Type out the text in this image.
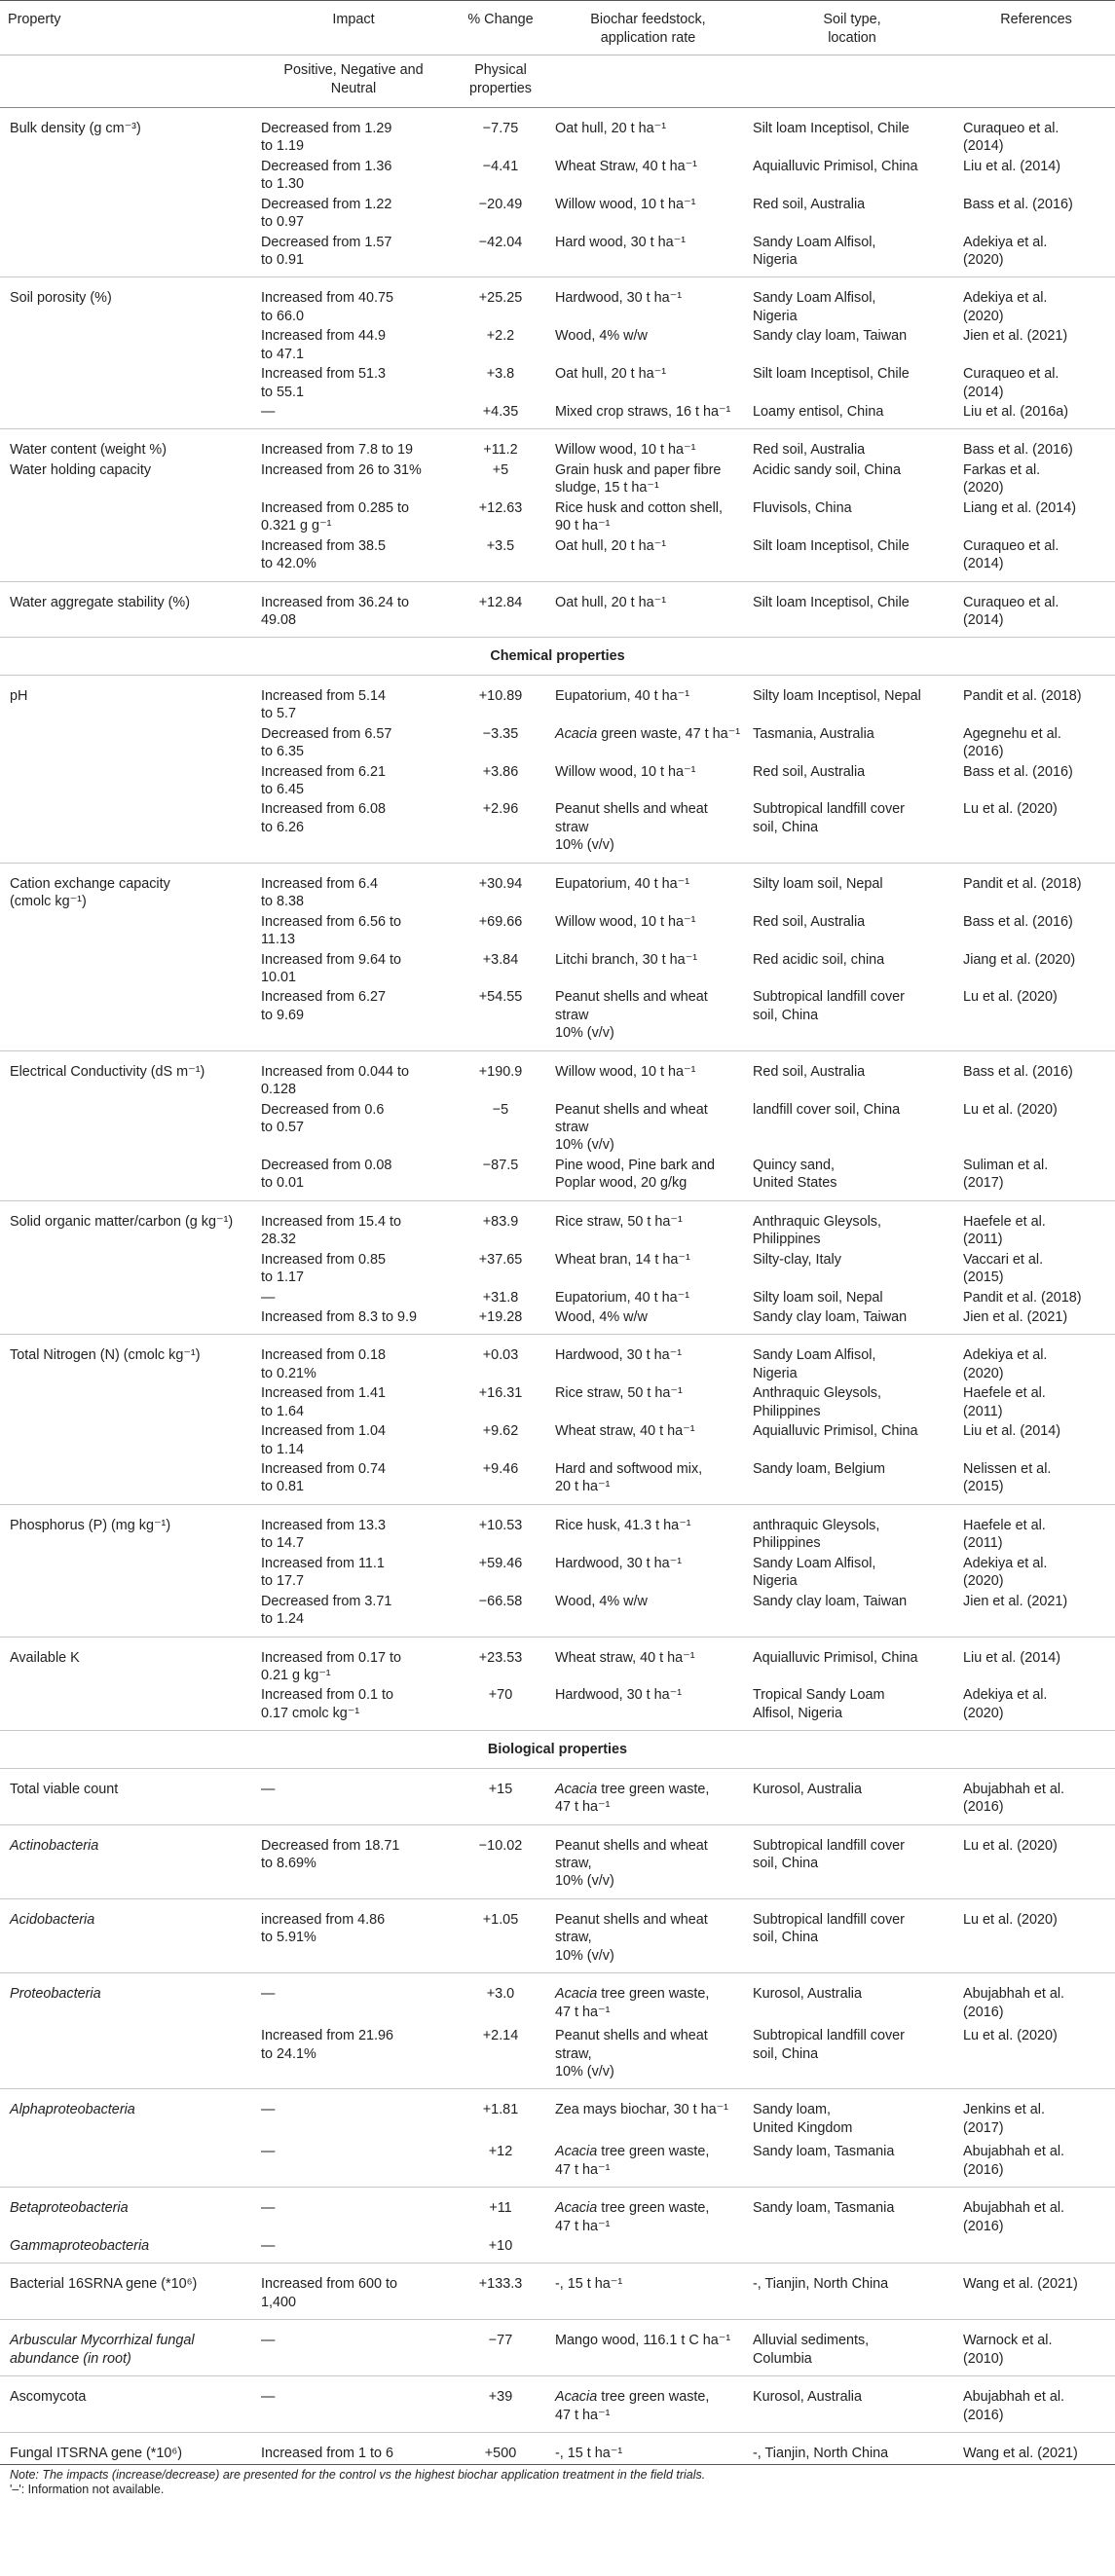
Property	Impact	% Change	Biochar feedstock,
application rate	Soil type,
location	References
	Positive, Negative and
Neutral	Physical
properties			
Bulk density (g cm⁻³)	Decreased from 1.29
to 1.19	−7.75	Oat hull, 20 t ha⁻¹	Silt loam Inceptisol, Chile	Curaqueo et al.
(2014)
	Decreased from 1.36
to 1.30	−4.41	Wheat Straw, 40 t ha⁻¹	Aquialluvic Primisol, China	Liu et al. (2014)
	Decreased from 1.22
to 0.97	−20.49	Willow wood, 10 t ha⁻¹	Red soil, Australia	Bass et al. (2016)
	Decreased from 1.57
to 0.91	−42.04	Hard wood, 30 t ha⁻¹	Sandy Loam Alfisol,
Nigeria	Adekiya et al.
(2020)
Soil porosity (%)	Increased from 40.75
to 66.0	+25.25	Hardwood, 30 t ha⁻¹	Sandy Loam Alfisol,
Nigeria	Adekiya et al.
(2020)
	Increased from 44.9
to 47.1	+2.2	Wood, 4% w/w	Sandy clay loam, Taiwan	Jien et al. (2021)
	Increased from 51.3
to 55.1	+3.8	Oat hull, 20 t ha⁻¹	Silt loam Inceptisol, Chile	Curaqueo et al.
(2014)
	—	+4.35	Mixed crop straws, 16 t ha⁻¹	Loamy entisol, China	Liu et al. (2016a)
Water content (weight %)	Increased from 7.8 to 19	+11.2	Willow wood, 10 t ha⁻¹	Red soil, Australia	Bass et al. (2016)
Water holding capacity	Increased from 26 to 31%	+5	Grain husk and paper fibre
sludge, 15 t ha⁻¹	Acidic sandy soil, China	Farkas et al.
(2020)
	Increased from 0.285 to
0.321 g g⁻¹	+12.63	Rice husk and cotton shell,
90 t ha⁻¹	Fluvisols, China	Liang et al. (2014)
	Increased from 38.5
to 42.0%	+3.5	Oat hull, 20 t ha⁻¹	Silt loam Inceptisol, Chile	Curaqueo et al.
(2014)
Water aggregate stability (%)	Increased from 36.24 to
49.08	+12.84	Oat hull, 20 t ha⁻¹	Silt loam Inceptisol, Chile	Curaqueo et al.
(2014)
Chemical properties					
pH	Increased from 5.14
to 5.7	+10.89	Eupatorium, 40 t ha⁻¹	Silty loam Inceptisol, Nepal	Pandit et al. (2018)
	Decreased from 6.57
to 6.35	−3.35	Acacia green waste, 47 t ha⁻¹	Tasmania, Australia	Agegnehu et al.
(2016)
	Increased from 6.21
to 6.45	+3.86	Willow wood, 10 t ha⁻¹	Red soil, Australia	Bass et al. (2016)
	Increased from 6.08
to 6.26	+2.96	Peanut shells and wheat straw
10% (v/v)	Subtropical landfill cover
soil, China	Lu et al. (2020)
Cation exchange capacity
(cmolc kg⁻¹)	Increased from 6.4
to 8.38	+30.94	Eupatorium, 40 t ha⁻¹	Silty loam soil, Nepal	Pandit et al. (2018)
	Increased from 6.56 to
11.13	+69.66	Willow wood, 10 t ha⁻¹	Red soil, Australia	Bass et al. (2016)
	Increased from 9.64 to
10.01	+3.84	Litchi branch, 30 t ha⁻¹	Red acidic soil, china	Jiang et al. (2020)
	Increased from 6.27
to 9.69	+54.55	Peanut shells and wheat straw
10% (v/v)	Subtropical landfill cover
soil, China	Lu et al. (2020)
Electrical Conductivity (dS m⁻¹)	Increased from 0.044 to
0.128	+190.9	Willow wood, 10 t ha⁻¹	Red soil, Australia	Bass et al. (2016)
	Decreased from 0.6
to 0.57	−5	Peanut shells and wheat straw
10% (v/v)	landfill cover soil, China	Lu et al. (2020)
	Decreased from 0.08
to 0.01	−87.5	Pine wood, Pine bark and
Poplar wood, 20 g/kg	Quincy sand,
United States	Suliman et al.
(2017)
Solid organic matter/carbon (g kg⁻¹)	Increased from 15.4 to
28.32	+83.9	Rice straw, 50 t ha⁻¹	Anthraquic Gleysols,
Philippines	Haefele et al.
(2011)
	Increased from 0.85
to 1.17	+37.65	Wheat bran, 14 t ha⁻¹	Silty-clay, Italy	Vaccari et al.
(2015)
	—	+31.8	Eupatorium, 40 t ha⁻¹	Silty loam soil, Nepal	Pandit et al. (2018)
	Increased from 8.3 to 9.9	+19.28	Wood, 4% w/w	Sandy clay loam, Taiwan	Jien et al. (2021)
Total Nitrogen (N) (cmolc kg⁻¹)	Increased from 0.18
to 0.21%	+0.03	Hardwood, 30 t ha⁻¹	Sandy Loam Alfisol,
Nigeria	Adekiya et al.
(2020)
	Increased from 1.41
to 1.64	+16.31	Rice straw, 50 t ha⁻¹	Anthraquic Gleysols,
Philippines	Haefele et al.
(2011)
	Increased from 1.04
to 1.14	+9.62	Wheat straw, 40 t ha⁻¹	Aquialluvic Primisol, China	Liu et al. (2014)
	Increased from 0.74
to 0.81	+9.46	Hard and softwood mix,
20 t ha⁻¹	Sandy loam, Belgium	Nelissen et al.
(2015)
Phosphorus (P) (mg kg⁻¹)	Increased from 13.3
to 14.7	+10.53	Rice husk, 41.3 t ha⁻¹	anthraquic Gleysols,
Philippines	Haefele et al.
(2011)
	Increased from 11.1
to 17.7	+59.46	Hardwood, 30 t ha⁻¹	Sandy Loam Alfisol,
Nigeria	Adekiya et al.
(2020)
	Decreased from 3.71
to 1.24	−66.58	Wood, 4% w/w	Sandy clay loam, Taiwan	Jien et al. (2021)
Available K	Increased from 0.17 to
0.21 g kg⁻¹	+23.53	Wheat straw, 40 t ha⁻¹	Aquialluvic Primisol, China	Liu et al. (2014)
	Increased from 0.1 to
0.17 cmolc kg⁻¹	+70	Hardwood, 30 t ha⁻¹	Tropical Sandy Loam
Alfisol, Nigeria	Adekiya et al.
(2020)
Biological properties					
Total viable count	—	+15	Acacia tree green waste,
47 t ha⁻¹	Kurosol, Australia	Abujabhah et al.
(2016)
Actinobacteria	Decreased from 18.71
to 8.69%	−10.02	Peanut shells and wheat straw,
10% (v/v)	Subtropical landfill cover
soil, China	Lu et al. (2020)
Acidobacteria	increased from 4.86
to 5.91%	+1.05	Peanut shells and wheat straw,
10% (v/v)	Subtropical landfill cover
soil, China	Lu et al. (2020)
Proteobacteria	—	+3.0	Acacia tree green waste,
47 t ha⁻¹	Kurosol, Australia	Abujabhah et al.
(2016)
	Increased from 21.96
to 24.1%	+2.14	Peanut shells and wheat straw,
10% (v/v)	Subtropical landfill cover
soil, China	Lu et al. (2020)
Alphaproteobacteria	—	+1.81	Zea mays biochar, 30 t ha⁻¹	Sandy loam,
United Kingdom	Jenkins et al.
(2017)
	—	+12	Acacia tree green waste,
47 t ha⁻¹	Sandy loam, Tasmania	Abujabhah et al.
(2016)
Betaproteobacteria	—	+11	Acacia tree green waste,
47 t ha⁻¹	Sandy loam, Tasmania	Abujabhah et al.
(2016)
Gammaproteobacteria	—	+10			
Bacterial 16SRNA gene (*10⁶)	Increased from 600 to
1,400	+133.3	-, 15 t ha⁻¹	-, Tianjin, North China	Wang et al. (2021)
Arbuscular Mycorrhizal fungal
abundance (in root)	—	−77	Mango wood, 116.1 t C ha⁻¹	Alluvial sediments,
Columbia	Warnock et al.
(2010)
Ascomycota	—	+39	Acacia tree green waste,
47 t ha⁻¹	Kurosol, Australia	Abujabhah et al.
(2016)
Fungal ITSRNA gene (*10⁶)	Increased from 1 to 6	+500	-, 15 t ha⁻¹	-, Tianjin, North China	Wang et al. (2021)
Note: The impacts (increase/decrease) are presented for the control vs the highest biochar application treatment in the field trials.
'–': Information not available.
